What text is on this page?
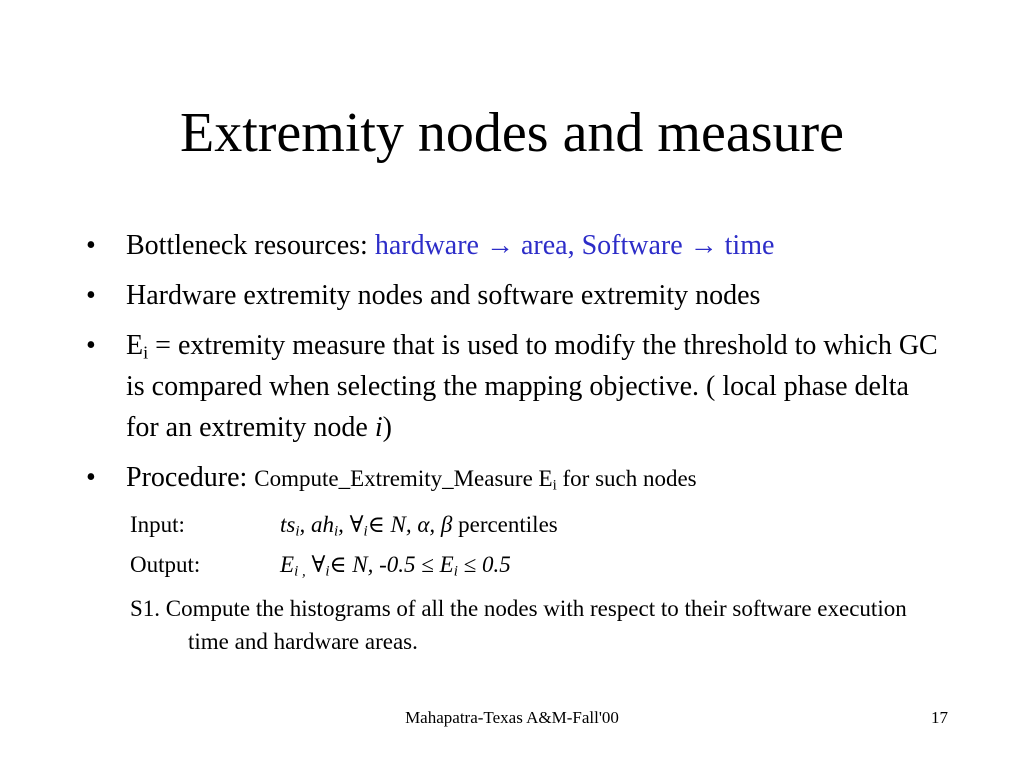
Extremity nodes and measure
• Bottleneck resources: hardware → area, Software → time
• Hardware extremity nodes and software extremity nodes
• $E_i$ = extremity measure that is used to modify the threshold to which GC is compared when selecting the mapping objective. ( local phase delta for an extremity node i)
• Procedure: Compute_Extremity_Measure $E_i$ for such nodes
Input:	$ts_i$, $ah_i$, $\forall_i\in$ N, α, β percentiles
Output:	$E_{i ,}$ $\forall_i\in$ N, $-0.5 \le E_i \le 0.5$
S1. Compute the histograms of all the nodes with respect to their software execution time and hardware areas.
Mahapatra-Texas A&M-Fall'00	17
